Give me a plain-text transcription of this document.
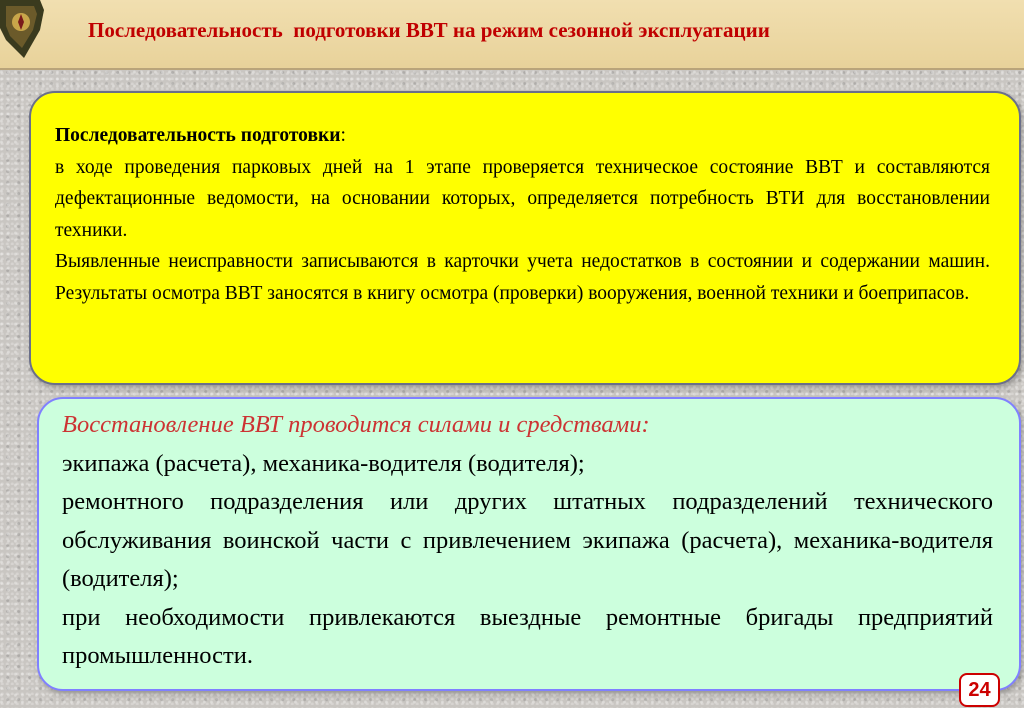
Последовательность  подготовки ВВТ на режим сезонной эксплуатации
Последовательность подготовки:

в ходе проведения парковых дней на 1 этапе проверяется техническое состояние ВВТ и составляются дефектационные ведомости, на основании которых, определяется потребность ВТИ для восстановлении техники.

Выявленные неисправности записываются в карточки учета недостатков в состоянии и содержании машин. Результаты осмотра ВВТ заносятся в книгу осмотра (проверки) вооружения, военной техники и боеприпасов.

Восстановление ВВТ проводится силами и средствами:

экипажа (расчета), механика-водителя (водителя);

ремонтного подразделения или других штатных подразделений технического обслуживания воинской части с привлечением экипажа (расчета), механика-водителя (водителя);

при необходимости привлекаются выездные ремонтные бригады предприятий промышленности.

24
